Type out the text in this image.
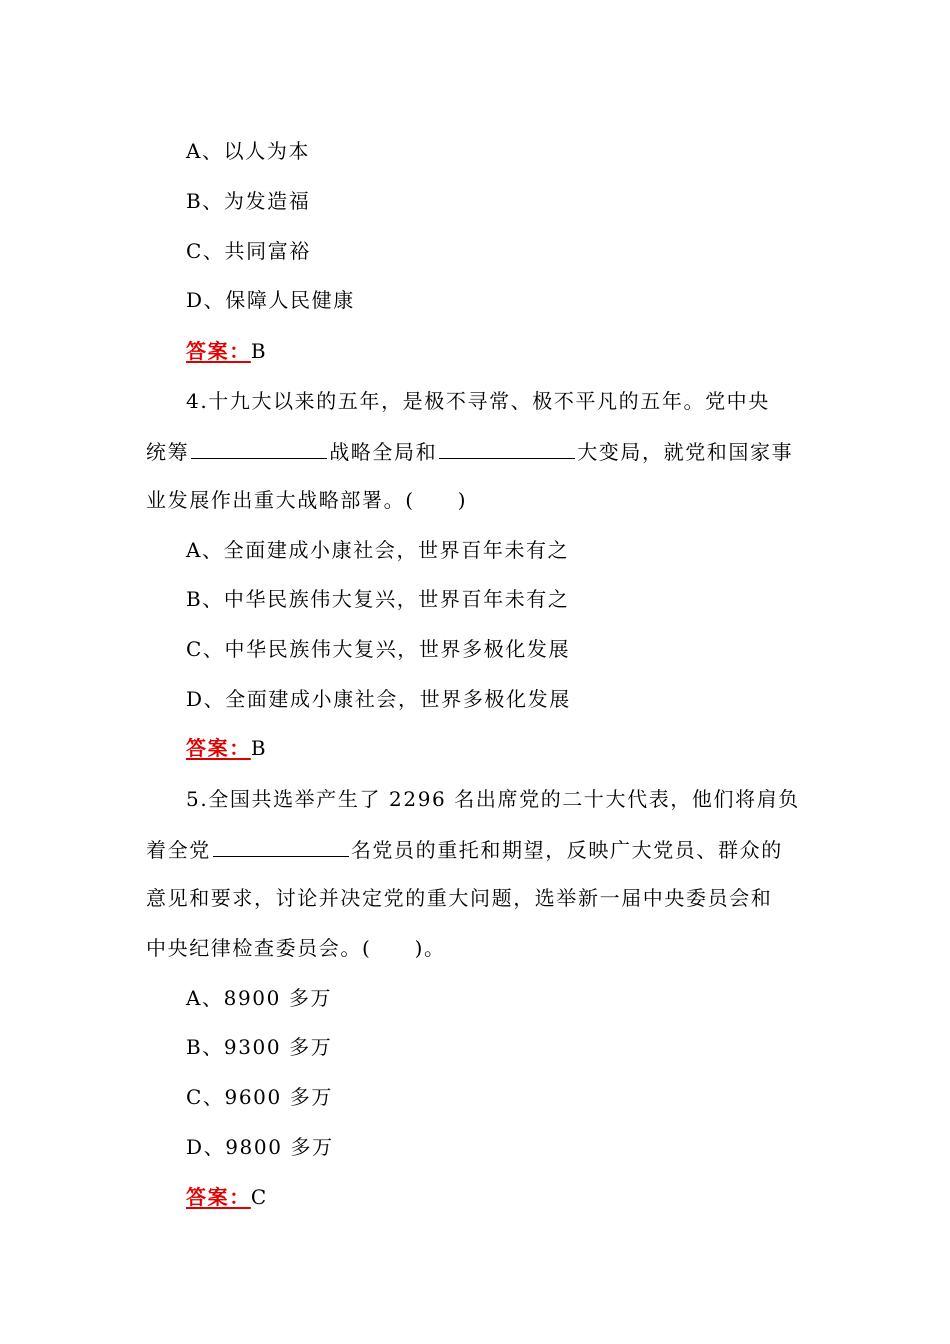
A、以人为本
B、为发造福
C、共同富裕
D、保障人民健康
答案：B
4.十九大以来的五年，是极不寻常、极不平凡的五年。党中央
统筹	战略全局和	大变局，就党和国家事
业发展作出重大战略部署。(　　)
A、全面建成小康社会，世界百年未有之
B、中华民族伟大复兴，世界百年未有之
C、中华民族伟大复兴，世界多极化发展
D、全面建成小康社会，世界多极化发展
答案：B
5.全国共选举产生了 2296 名出席党的二十大代表，他们将肩负
着全党	名党员的重托和期望，反映广大党员、群众的
意见和要求，讨论并决定党的重大问题，选举新一届中央委员会和
中央纪律检查委员会。(　　)。
A、8900 多万
B、9300 多万
C、9600 多万
D、9800 多万
答案：C
